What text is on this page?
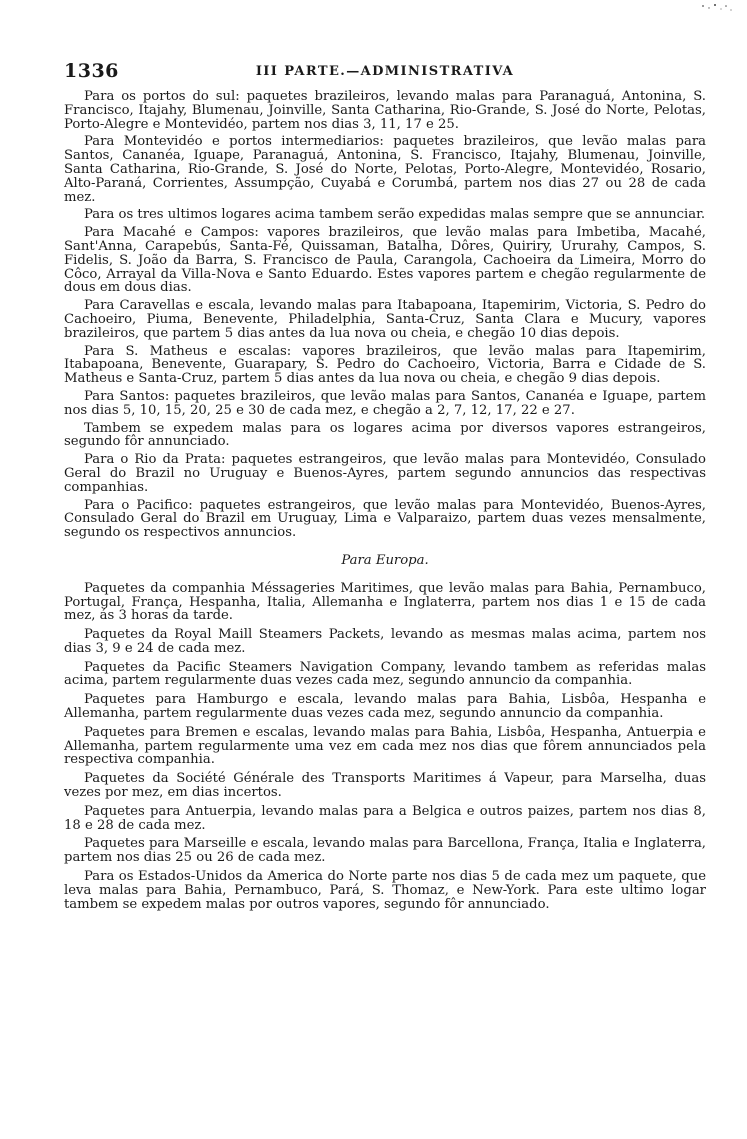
1336	III PARTE.—ADMINISTRATIVA

Para os portos do sul: paquetes brazileiros, levando malas para Paranaguá, Antonina, S. Francisco, Itajahy, Blumenau, Joinville, Santa Catharina, Rio-Grande, S. José do Norte, Pelotas, Porto-Alegre e Montevidéo, partem nos dias 3, 11, 17 e 25.

Para Montevidéo e portos intermediarios: paquetes brazileiros, que levão malas para Santos, Cananéa, Iguape, Paranaguá, Antonina, S. Francisco, Itajahy, Blumenau, Joinville, Santa Catharina, Rio-Grande, S. José do Norte, Pelotas, Porto-Alegre, Montevidéo, Rosario, Alto-Paraná, Corrientes, Assumpção, Cuyabá e Corumbá, partem nos dias 27 ou 28 de cada mez.

Para os tres ultimos logares acima tambem serão expedidas malas sempre que se annunciar.

Para Macahé e Campos: vapores brazileiros, que levão malas para Imbetiba, Macahé, Sant'Anna, Carapebús, Santa-Fé, Quissaman, Batalha, Dôres, Quiriry, Ururahy, Campos, S. Fidelis, S. João da Barra, S. Francisco de Paula, Carangola, Cachoeira da Limeira, Morro do Côco, Arrayal da Villa-Nova e Santo Eduardo. Estes vapores partem e chegão regularmente de dous em dous dias.

Para Caravellas e escala, levando malas para Itabapoana, Itapemirim, Victoria, S. Pedro do Cachoeiro, Piuma, Benevente, Philadelphia, Santa-Cruz, Santa Clara e Mucury, vapores brazileiros, que partem 5 dias antes da lua nova ou cheia, e chegão 10 dias depois.

Para S. Matheus e escalas: vapores brazileiros, que levão malas para Itapemirim, Itabapoana, Benevente, Guarapary, S. Pedro do Cachoeiro, Victoria, Barra e Cidade de S. Matheus e Santa-Cruz, partem 5 dias antes da lua nova ou cheia, e chegão 9 dias depois.

Para Santos: paquetes brazileiros, que levão malas para Santos, Cananéa e Iguape, partem nos dias 5, 10, 15, 20, 25 e 30 de cada mez, e chegão a 2, 7, 12, 17, 22 e 27.

Tambem se expedem malas para os logares acima por diversos vapores estrangeiros, segundo fôr annunciado.

Para o Rio da Prata: paquetes estrangeiros, que levão malas para Montevidéo, Consulado Geral do Brazil no Uruguay e Buenos-Ayres, partem segundo annuncios das respectivas companhias.

Para o Pacifico: paquetes estrangeiros, que levão malas para Montevidéo, Buenos-Ayres, Consulado Geral do Brazil em Uruguay, Lima e Valparaizo, partem duas vezes mensalmente, segundo os respectivos annuncios.

Para Europa.

Paquetes da companhia Méssageries Maritimes, que levão malas para Bahia, Pernambuco, Portugal, França, Hespanha, Italia, Allemanha e Inglaterra, partem nos dias 1 e 15 de cada mez, ás 3 horas da tarde.

Paquetes da Royal Maill Steamers Packets, levando as mesmas malas acima, partem nos dias 3, 9 e 24 de cada mez.

Paquetes da Pacific Steamers Navigation Company, levando tambem as referidas malas acima, partem regularmente duas vezes cada mez, segundo annuncio da companhia.

Paquetes para Hamburgo e escala, levando malas para Bahia, Lisbôa, Hespanha e Allemanha, partem regularmente duas vezes cada mez, segundo annuncio da companhia.

Paquetes para Bremen e escalas, levando malas para Bahia, Lisbôa, Hespanha, Antuerpia e Allemanha, partem regularmente uma vez em cada mez nos dias que fôrem annunciados pela respectiva companhia.

Paquetes da Société Générale des Transports Maritimes á Vapeur, para Marselha, duas vezes por mez, em dias incertos.

Paquetes para Antuerpia, levando malas para a Belgica e outros paizes, partem nos dias 8, 18 e 28 de cada mez.

Paquetes para Marseille e escala, levando malas para Barcellona, França, Italia e Inglaterra, partem nos dias 25 ou 26 de cada mez.

Para os Estados-Unidos da America do Norte parte nos dias 5 de cada mez um paquete, que leva malas para Bahia, Pernambuco, Pará, S. Thomaz, e New-York. Para este ultimo logar tambem se expedem malas por outros vapores, segundo fôr annunciado.
